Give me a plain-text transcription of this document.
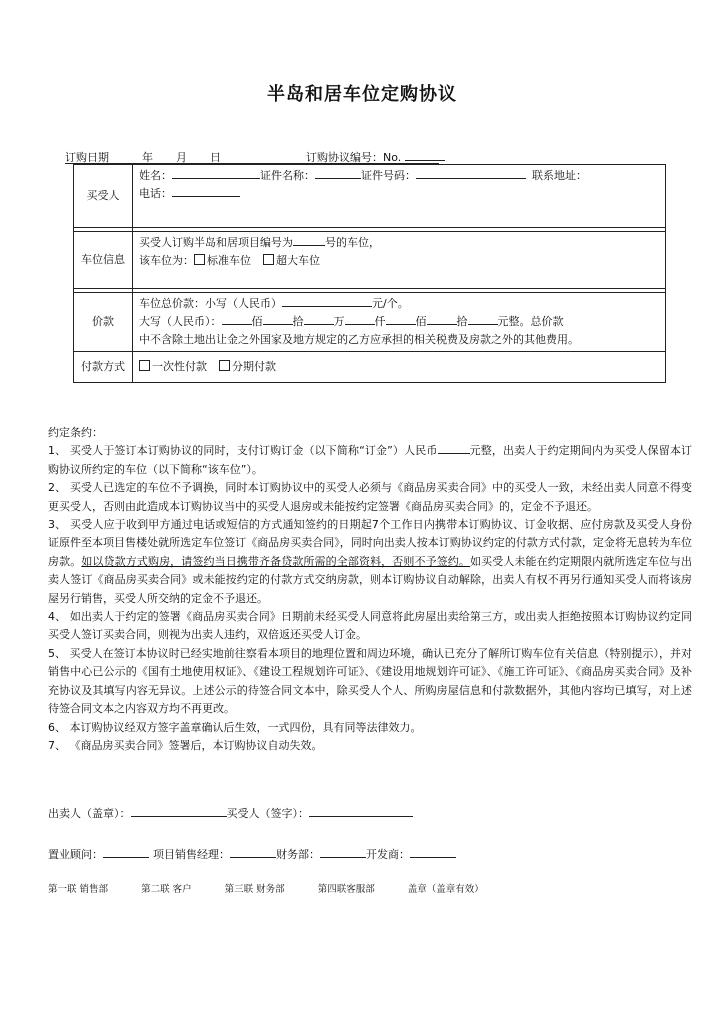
半岛和居车位定购协议
订购日期	年 月 日	订购协议编号：No.
买受人	姓名： 证件名称： 证件号码： 联系地址：
电话：

车位信息	买受人订购半岛和居项目编号为 号的车位，
该车位为： 标准车位 超大车位

价款	车位总价款：小写（人民币） 元/个。
大写（人民币）： 佰 拾 万 仟 佰 拾 元整。总价款
中不含除土地出让金之外国家及地方规定的乙方应承担的相关税费及房款之外的其他费用。
付款方式	一次性付款 分期付款

约定条约：

1、 买受人于签订本订购协议的同时，支付订购订金（以下简称“订金”）人民币	元整，出卖人于约定期间内为买受人保留本订购协议所约定的车位（以下简称“该车位”）。

2、 买受人已选定的车位不予调换，同时本订购协议中的买受人必须与《商品房买卖合同》中的买受人一致，未经出卖人同意不得变更买受人，否则由此造成本订购协议当中的买受人退房或未能按约定签署《商品房买卖合同》的，定金不予退还。

3、 买受人应于收到甲方通过电话或短信的方式通知签约的日期起7个工作日内携带本订购协议、订金收据、应付房款及买受人身份证原件至本项目售楼处就所选定车位签订《商品房买卖合同》，同时向出卖人按本订购协议约定的付款方式付款，定金将无息转为车位房款。如以贷款方式购房，请签约当日携带齐备贷款所需的全部资料，否则不予签约。如买受人未能在约定期限内就所选定车位与出卖人签订《商品房买卖合同》或未能按约定的付款方式交纳房款，则本订购协议自动解除，出卖人有权不再另行通知买受人而将该房屋另行销售，买受人所交纳的定金不予退还。

4、 如出卖人于约定的签署《商品房买卖合同》日期前未经买受人同意将此房屋出卖给第三方，或出卖人拒绝按照本订购协议约定同买受人签订买卖合同，则视为出卖人违约，双倍返还买受人订金。

5、 买受人在签订本协议时已经实地前往察看本项目的地理位置和周边环境，确认已充分了解所订购车位有关信息（特别提示），并对销售中心已公示的《国有土地使用权证》、《建设工程规划许可证》、《建设用地规划许可证》、《施工许可证》、《商品房买卖合同》及补充协议及其填写内容无异议。上述公示的待签合同文本中，除买受人个人、所购房屋信息和付款数据外，其他内容均已填写，对上述待签合同文本之内容双方均不再更改。

6、 本订购协议经双方签字盖章确认后生效，一式四份，具有同等法律效力。

7、 《商品房买卖合同》签署后，本订购协议自动失效。

出卖人（盖章）：	买受人（签字）：
置业顾问：	项目销售经理：	财务部：	开发商：
第一联 销售部	第二联 客户	第三联 财务部	第四联客服部	盖章（盖章有效）
